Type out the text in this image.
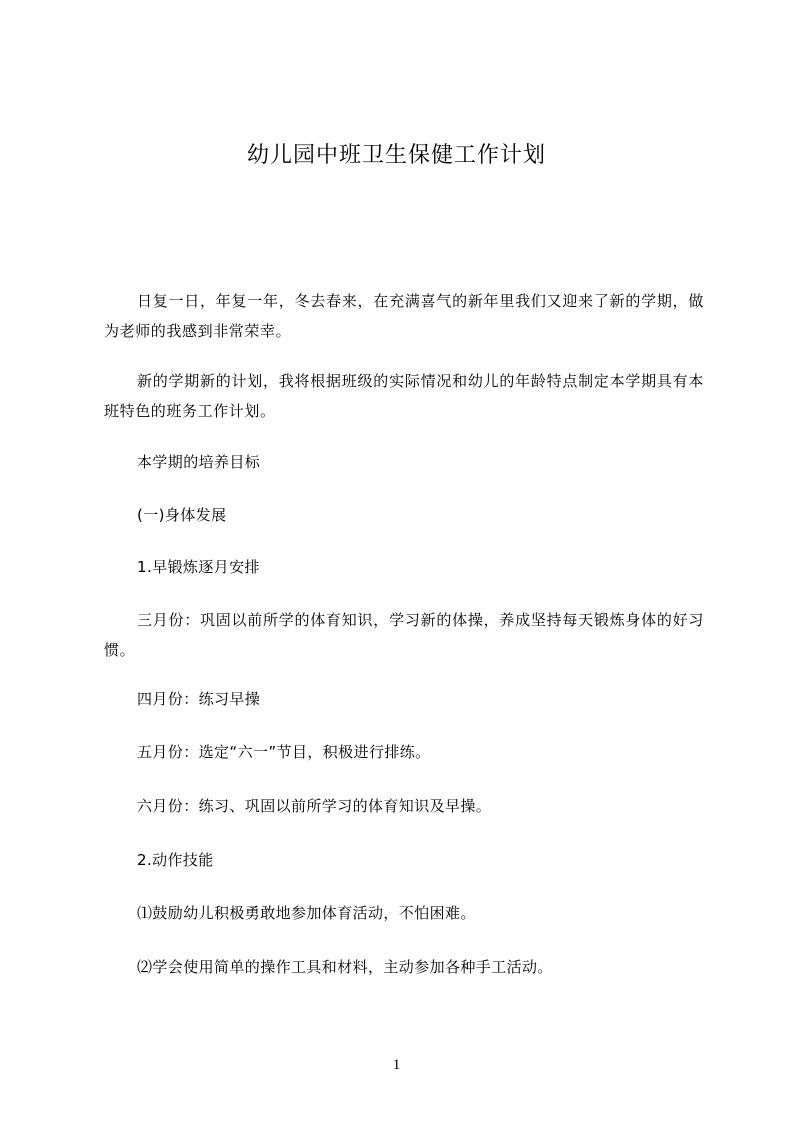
幼儿园中班卫生保健工作计划
日复一日，年复一年，冬去春来，在充满喜气的新年里我们又迎来了新的学期，做为老师的我感到非常荣幸。
新的学期新的计划，我将根据班级的实际情况和幼儿的年龄特点制定本学期具有本班特色的班务工作计划。
本学期的培养目标
(一)身体发展
1.早锻炼逐月安排
三月份：巩固以前所学的体育知识，学习新的体操，养成坚持每天锻炼身体的好习惯。
四月份：练习早操
五月份：选定“六一”节目，积极进行排练。
六月份：练习、巩固以前所学习的体育知识及早操。
2.动作技能
⑴鼓励幼儿积极勇敢地参加体育活动，不怕困难。
⑵学会使用简单的操作工具和材料，主动参加各种手工活动。
1
